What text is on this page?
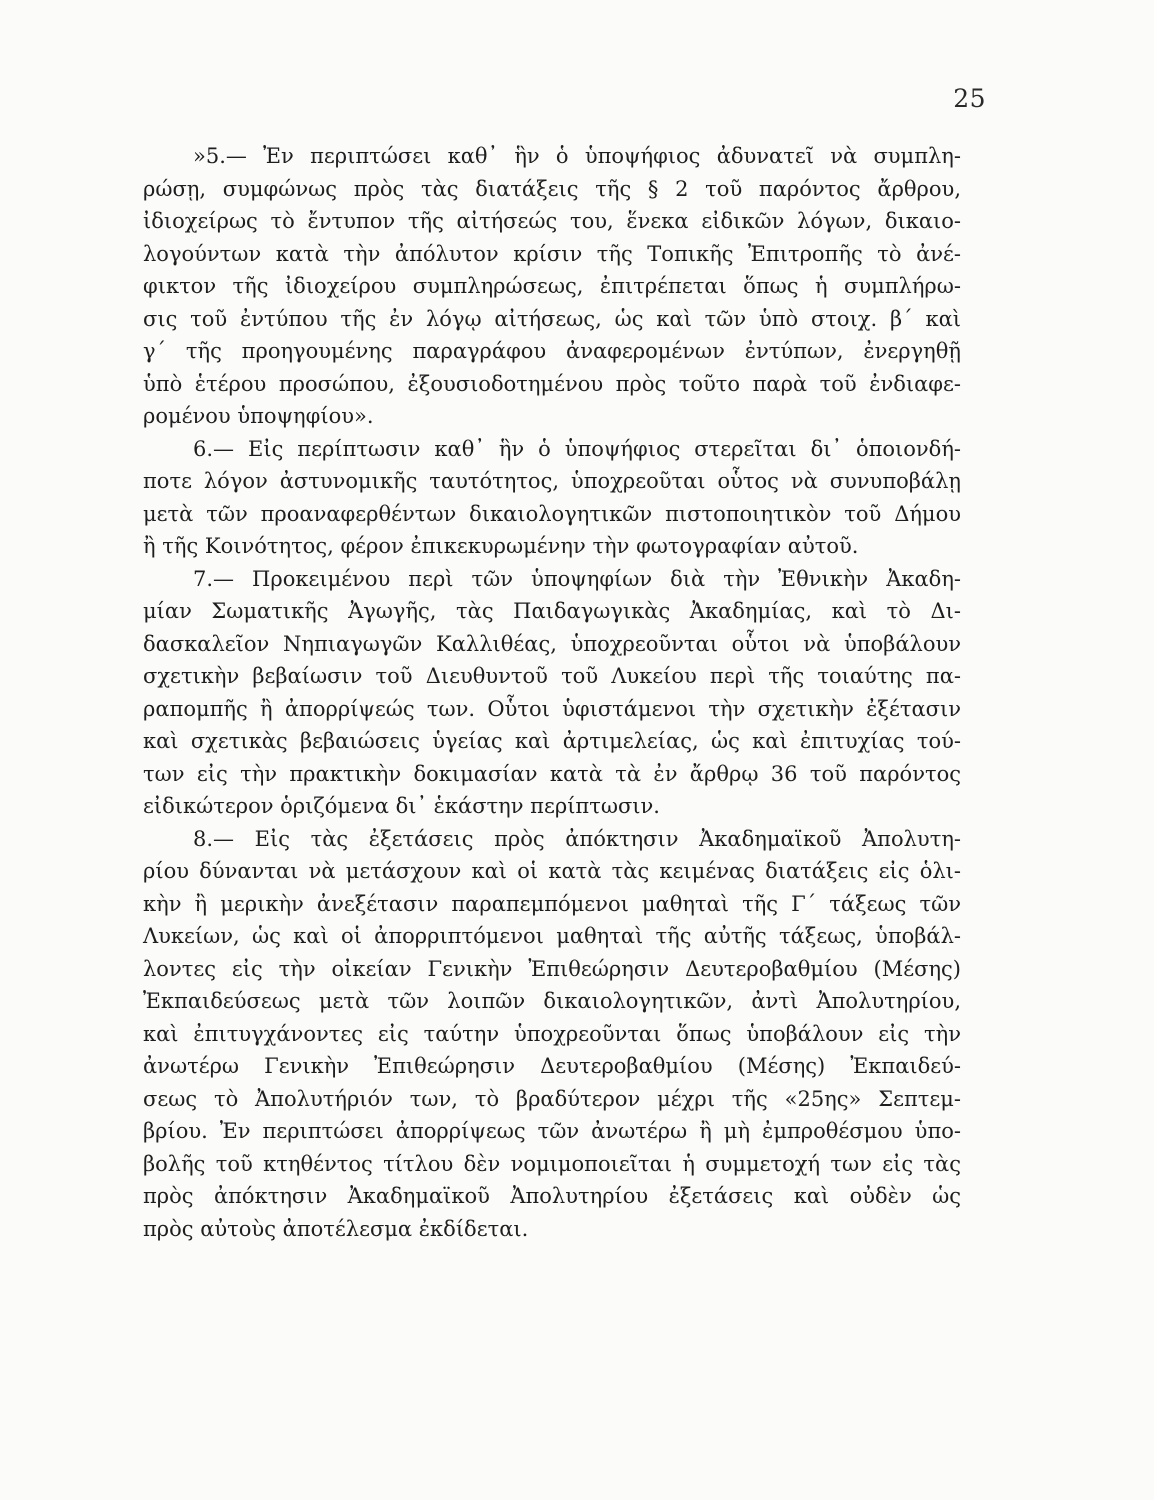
25
»5.— Ἐν περιπτώσει καθ᾿ ἣν ὁ ὑποψήφιος ἀδυνατεῖ νὰ συμπλη-
ρώσῃ, συμφώνως πρὸς τὰς διατάξεις τῆς § 2 τοῦ παρόντος ἄρθρου,
ἰδιοχείρως τὸ ἔντυπον τῆς αἰτήσεώς του, ἕνεκα εἰδικῶν λόγων, δικαιο-
λογούντων κατὰ τὴν ἀπόλυτον κρίσιν τῆς Τοπικῆς Ἐπιτροπῆς τὸ ἀνέ-
φικτον τῆς ἰδιοχείρου συμπληρώσεως, ἐπιτρέπεται ὅπως ἡ συμπλήρω-
σις τοῦ ἐντύπου τῆς ἐν λόγῳ αἰτήσεως, ὡς καὶ τῶν ὑπὸ στοιχ. β´ καὶ
γ´ τῆς προηγουμένης παραγράφου ἀναφερομένων ἐντύπων, ἐνεργηθῇ
ὑπὸ ἑτέρου προσώπου, ἐξουσιοδοτημένου πρὸς τοῦτο παρὰ τοῦ ἐνδιαφε-
ρομένου ὑποψηφίου».
6.— Εἰς περίπτωσιν καθ᾿ ἣν ὁ ὑποψήφιος στερεῖται δι᾿ ὁποιονδή-
ποτε λόγον ἀστυνομικῆς ταυτότητος, ὑποχρεοῦται οὗτος νὰ συνυποβάλῃ
μετὰ τῶν προαναφερθέντων δικαιολογητικῶν πιστοποιητικὸν τοῦ Δήμου
ἢ τῆς Κοινότητος, φέρον ἐπικεκυρωμένην τὴν φωτογραφίαν αὐτοῦ.
7.— Προκειμένου περὶ τῶν ὑποψηφίων διὰ τὴν Ἐθνικὴν Ἀκαδη-
μίαν Σωματικῆς Ἀγωγῆς, τὰς Παιδαγωγικὰς Ἀκαδημίας, καὶ τὸ Δι-
δασκαλεῖον Νηπιαγωγῶν Καλλιθέας, ὑποχρεοῦνται οὗτοι νὰ ὑποβάλουν
σχετικὴν βεβαίωσιν τοῦ Διευθυντοῦ τοῦ Λυκείου περὶ τῆς τοιαύτης πα-
ραπομπῆς ἢ ἀπορρίψεώς των. Οὗτοι ὑφιστάμενοι τὴν σχετικὴν ἐξέτασιν
καὶ σχετικὰς βεβαιώσεις ὑγείας καὶ ἀρτιμελείας, ὡς καὶ ἐπιτυχίας τού-
των εἰς τὴν πρακτικὴν δοκιμασίαν κατὰ τὰ ἐν ἄρθρῳ 36 τοῦ παρόντος
εἰδικώτερον ὁριζόμενα δι᾿ ἑκάστην περίπτωσιν.
8.— Εἰς τὰς ἐξετάσεις πρὸς ἀπόκτησιν Ἀκαδημαϊκοῦ Ἀπολυτη-
ρίου δύνανται νὰ μετάσχουν καὶ οἱ κατὰ τὰς κειμένας διατάξεις εἰς ὁλι-
κὴν ἢ μερικὴν ἀνεξέτασιν παραπεμπόμενοι μαθηταὶ τῆς Γ´ τάξεως τῶν
Λυκείων, ὡς καὶ οἱ ἀπορριπτόμενοι μαθηταὶ τῆς αὐτῆς τάξεως, ὑποβάλ-
λοντες εἰς τὴν οἰκείαν Γενικὴν Ἐπιθεώρησιν Δευτεροβαθμίου (Μέσης)
Ἐκπαιδεύσεως μετὰ τῶν λοιπῶν δικαιολογητικῶν, ἀντὶ Ἀπολυτηρίου,
καὶ ἐπιτυγχάνοντες εἰς ταύτην ὑποχρεοῦνται ὅπως ὑποβάλουν εἰς τὴν
ἀνωτέρω Γενικὴν Ἐπιθεώρησιν Δευτεροβαθμίου (Μέσης) Ἐκπαιδεύ-
σεως τὸ Ἀπολυτήριόν των, τὸ βραδύτερον μέχρι τῆς «25ης» Σεπτεμ-
βρίου. Ἐν περιπτώσει ἀπορρίψεως τῶν ἀνωτέρω ἢ μὴ ἐμπροθέσμου ὑπο-
βολῆς τοῦ κτηθέντος τίτλου δὲν νομιμοποιεῖται ἡ συμμετοχή των εἰς τὰς
πρὸς ἀπόκτησιν Ἀκαδημαϊκοῦ Ἀπολυτηρίου ἐξετάσεις καὶ οὐδὲν ὡς
πρὸς αὐτοὺς ἀποτέλεσμα ἐκδίδεται.
